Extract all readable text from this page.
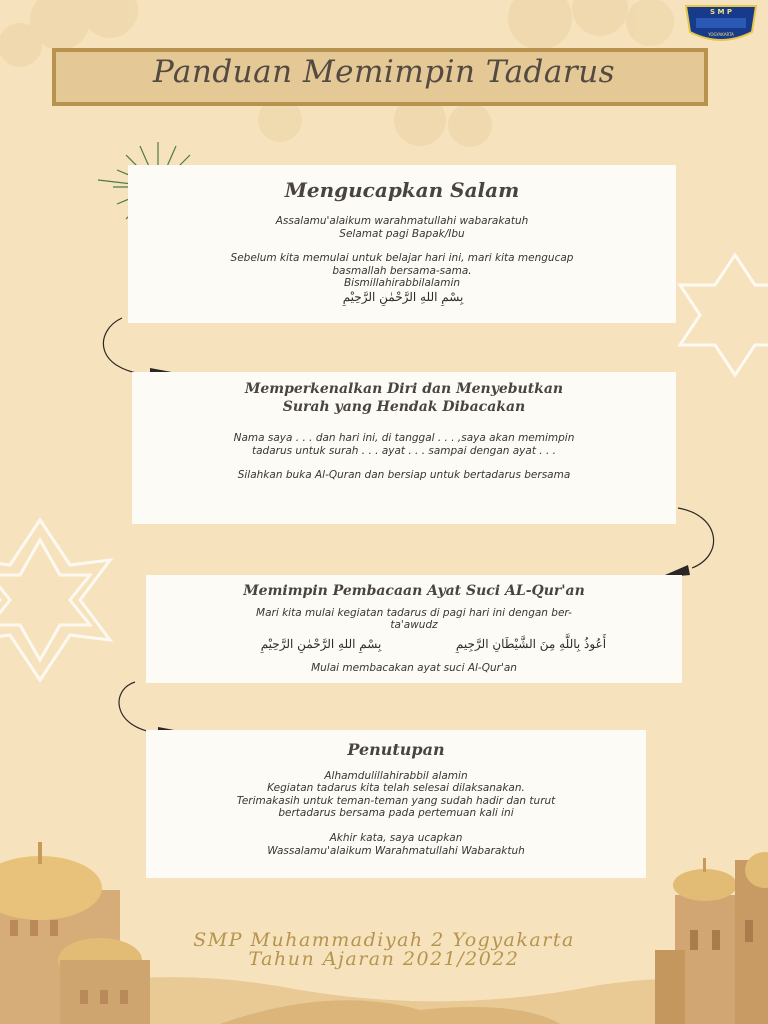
S M P
YOGYAKARTA
Panduan Memimpin Tadarus
Mengucapkan Salam
Assalamu'alaikum warahmatullahi wabarakatuh
Selamat pagi Bapak/Ibu
Sebelum kita memulai untuk belajar hari ini, mari kita mengucap
basmallah bersama-sama.
Bismillahirabbilalamin
بِسْمِ اللهِ الرَّحْمٰنِ الرَّحِيْمِ
Memperkenalkan Diri dan Menyebutkan
Surah yang Hendak Dibacakan
Nama saya . . . dan hari ini, di tanggal . . . ,saya akan memimpin
tadarus untuk surah . . . ayat . . . sampai dengan ayat . . .
Silahkan buka Al-Quran dan bersiap untuk bertadarus bersama
Memimpin Pembacaan Ayat Suci AL-Qur'an
Mari kita mulai kegiatan tadarus di pagi hari ini dengan ber-
ta'awudz
أَعُوذُ بِاللَّهِ مِنَ الشَّيْطَانِ الرَّجِيمِ
بِسْمِ اللهِ الرَّحْمٰنِ الرَّحِيْمِ
Mulai membacakan ayat suci Al-Qur'an
Penutupan
Alhamdulillahirabbil alamin
Kegiatan tadarus kita telah selesai dilaksanakan.
Terimakasih untuk teman-teman yang sudah hadir dan turut
bertadarus bersama pada pertemuan kali ini
Akhir kata, saya ucapkan
Wassalamu'alaikum Warahmatullahi Wabaraktuh
SMP Muhammadiyah 2 Yogyakarta
Tahun Ajaran 2021/2022
